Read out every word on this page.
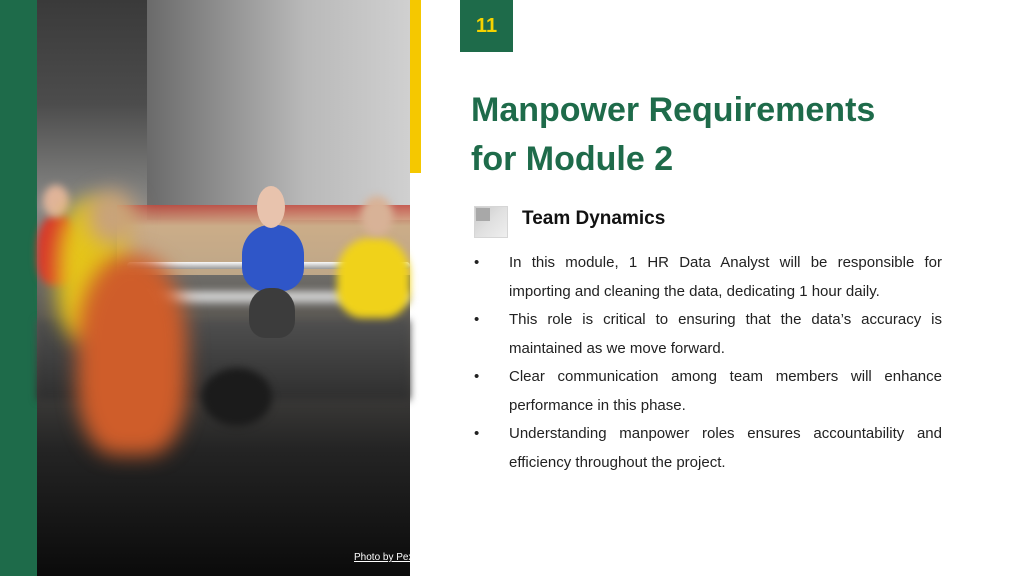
Photo by Pexels
11
Manpower Requirements
for Module 2
Team Dynamics
• In this module, 1 HR Data Analyst will be responsible for importing and cleaning the data, dedicating 1 hour daily.
• This role is critical to ensuring that the data’s accuracy is maintained as we move forward.
• Clear communication among team members will enhance performance in this phase.
• Understanding manpower roles ensures accountability and efficiency throughout the project.
